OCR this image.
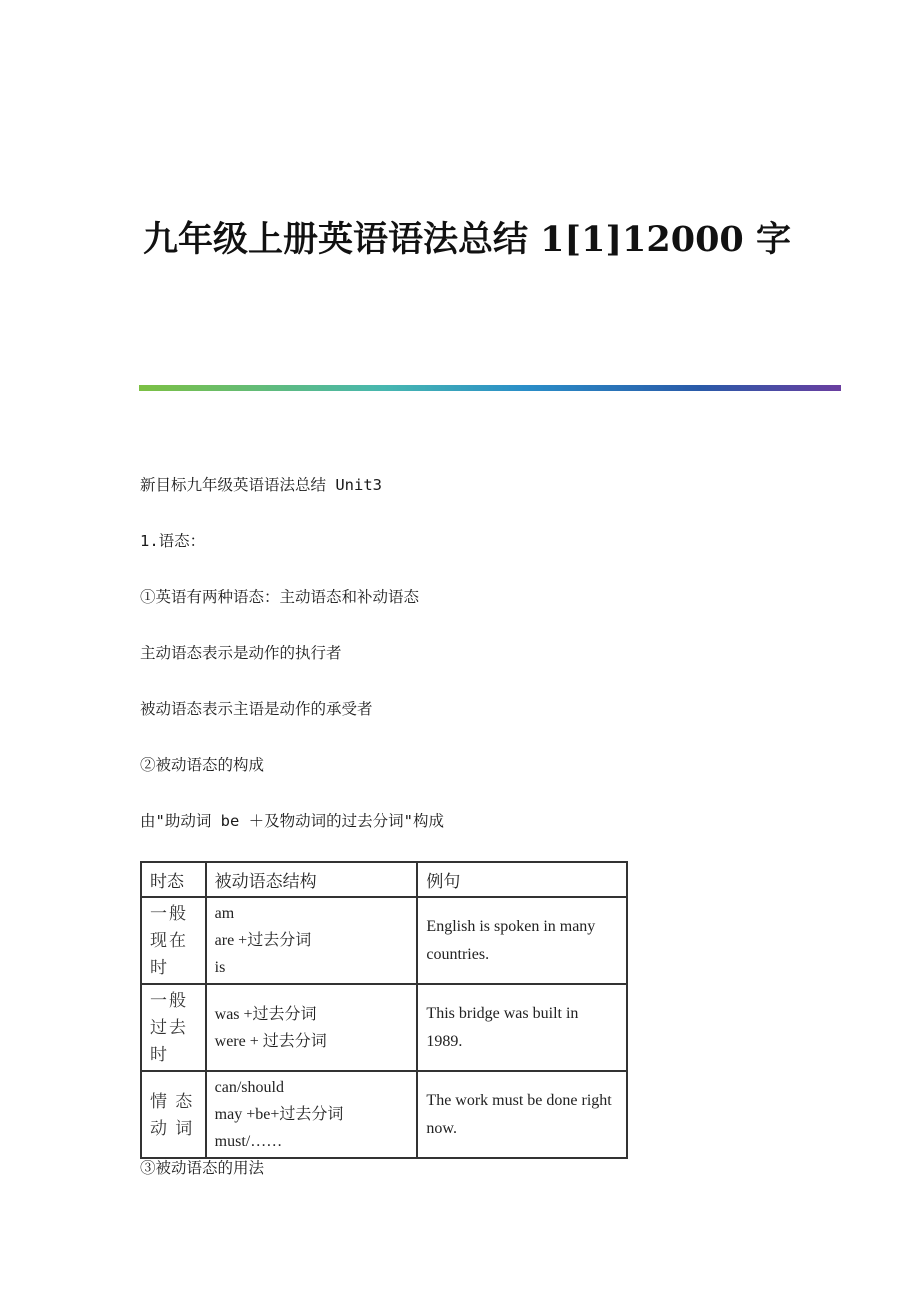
九年级上册英语语法总结 1[1]12000 字

新目标九年级英语语法总结 Unit3

1.语态：

①英语有两种语态：主动语态和补动语态

主动语态表示是动作的执行者

被动语态表示主语是动作的承受者

②被动语态的构成

由"助动词 be ＋及物动词的过去分词"构成

时态	被动语态结构	例句
一般现在时	am
are +过去分词
is	English is spoken in many countries.
一般过去时	was +过去分词
were + 过去分词	This bridge was built in 1989.
情 态 动 词	can/should
may +be+过去分词
must/……	The work must be done right now.

③被动语态的用法
